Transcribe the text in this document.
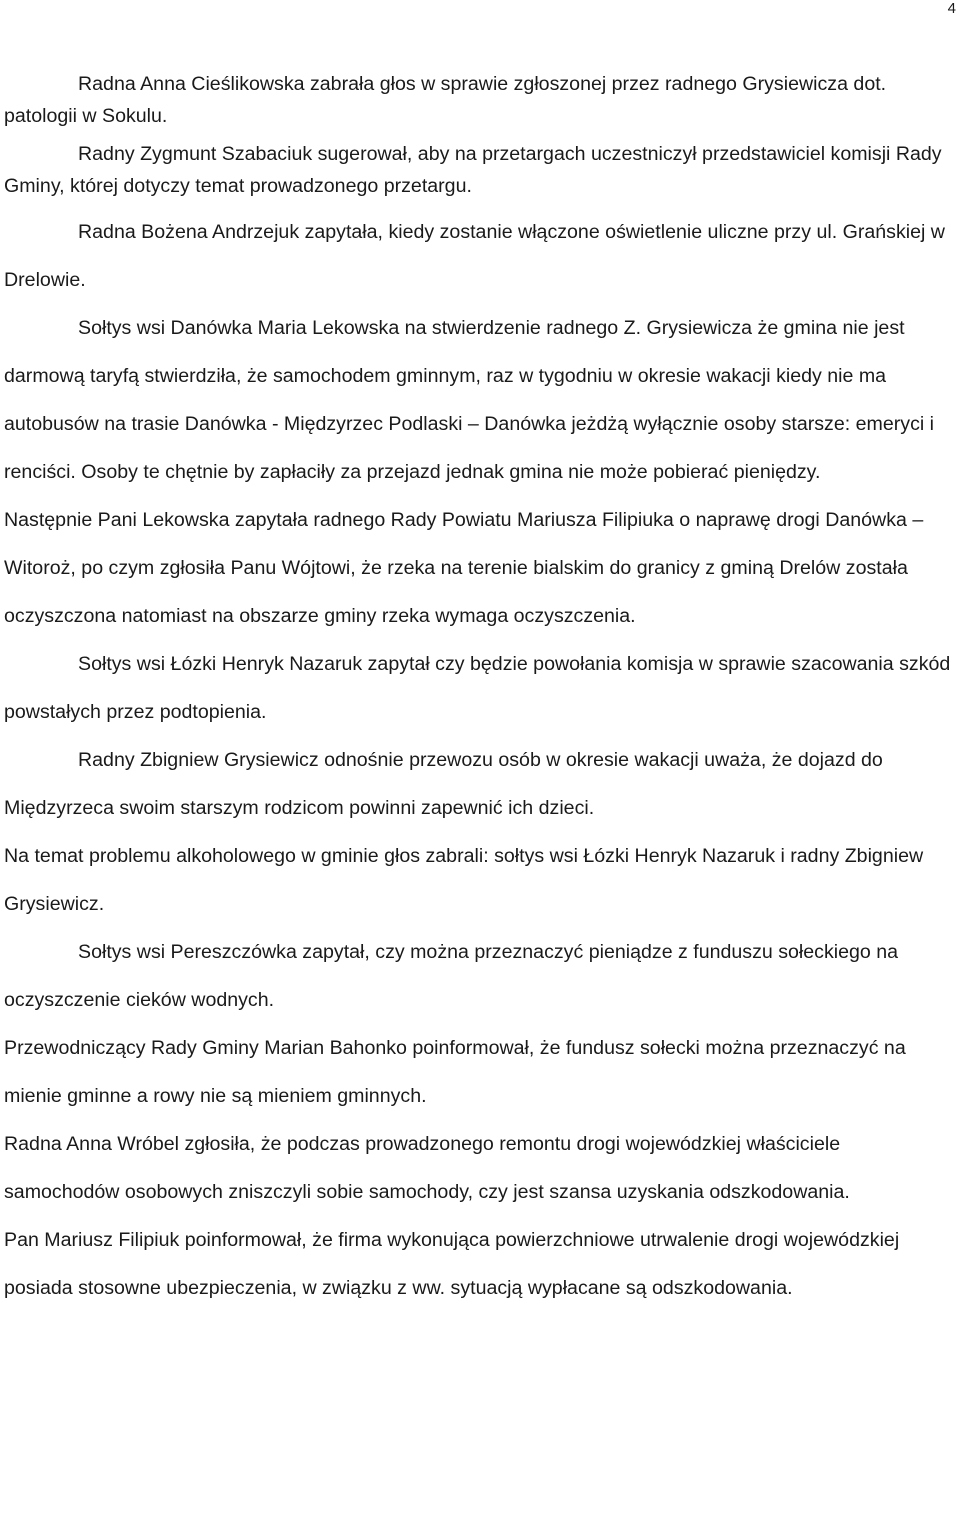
4

Radna Anna Cieślikowska zabrała głos w sprawie zgłoszonej przez radnego Grysiewicza dot. patologii w Sokulu.

Radny Zygmunt Szabaciuk sugerował, aby na przetargach uczestniczył przedstawiciel komisji Rady Gminy, której dotyczy temat prowadzonego przetargu.

Radna Bożena Andrzejuk zapytała, kiedy zostanie włączone oświetlenie uliczne przy ul. Grańskiej w Drelowie.

Sołtys wsi Danówka Maria Lekowska na stwierdzenie radnego Z. Grysiewicza że gmina nie jest darmową taryfą stwierdziła, że samochodem gminnym, raz w tygodniu w okresie wakacji kiedy nie ma autobusów na trasie Danówka - Międzyrzec Podlaski – Danówka jeżdżą wyłącznie osoby starsze: emeryci i renciści. Osoby te chętnie by zapłaciły za przejazd jednak gmina nie może pobierać pieniędzy.

Następnie Pani Lekowska zapytała radnego Rady Powiatu Mariusza Filipiuka o naprawę drogi Danówka – Witoroż, po czym zgłosiła Panu Wójtowi, że rzeka na terenie bialskim do granicy z gminą Drelów została oczyszczona natomiast na obszarze gminy rzeka wymaga oczyszczenia.

Sołtys wsi Łózki Henryk Nazaruk zapytał czy będzie powołania komisja w sprawie szacowania szkód powstałych przez podtopienia.

Radny Zbigniew Grysiewicz odnośnie przewozu osób w okresie wakacji uważa, że dojazd do Międzyrzeca swoim starszym rodzicom powinni zapewnić ich dzieci.

Na temat problemu alkoholowego w gminie głos zabrali: sołtys wsi Łózki Henryk Nazaruk i radny Zbigniew Grysiewicz.

Sołtys wsi Pereszczówka zapytał, czy można przeznaczyć pieniądze z funduszu sołeckiego na oczyszczenie cieków wodnych.

Przewodniczący Rady Gminy Marian Bahonko poinformował, że fundusz sołecki można przeznaczyć na mienie gminne a rowy nie są mieniem gminnych.

Radna Anna Wróbel zgłosiła, że podczas prowadzonego remontu drogi wojewódzkiej właściciele samochodów osobowych zniszczyli sobie samochody, czy jest szansa uzyskania odszkodowania.

Pan Mariusz Filipiuk poinformował, że firma wykonująca powierzchniowe utrwalenie drogi wojewódzkiej posiada stosowne ubezpieczenia, w związku z ww. sytuacją wypłacane są odszkodowania.
